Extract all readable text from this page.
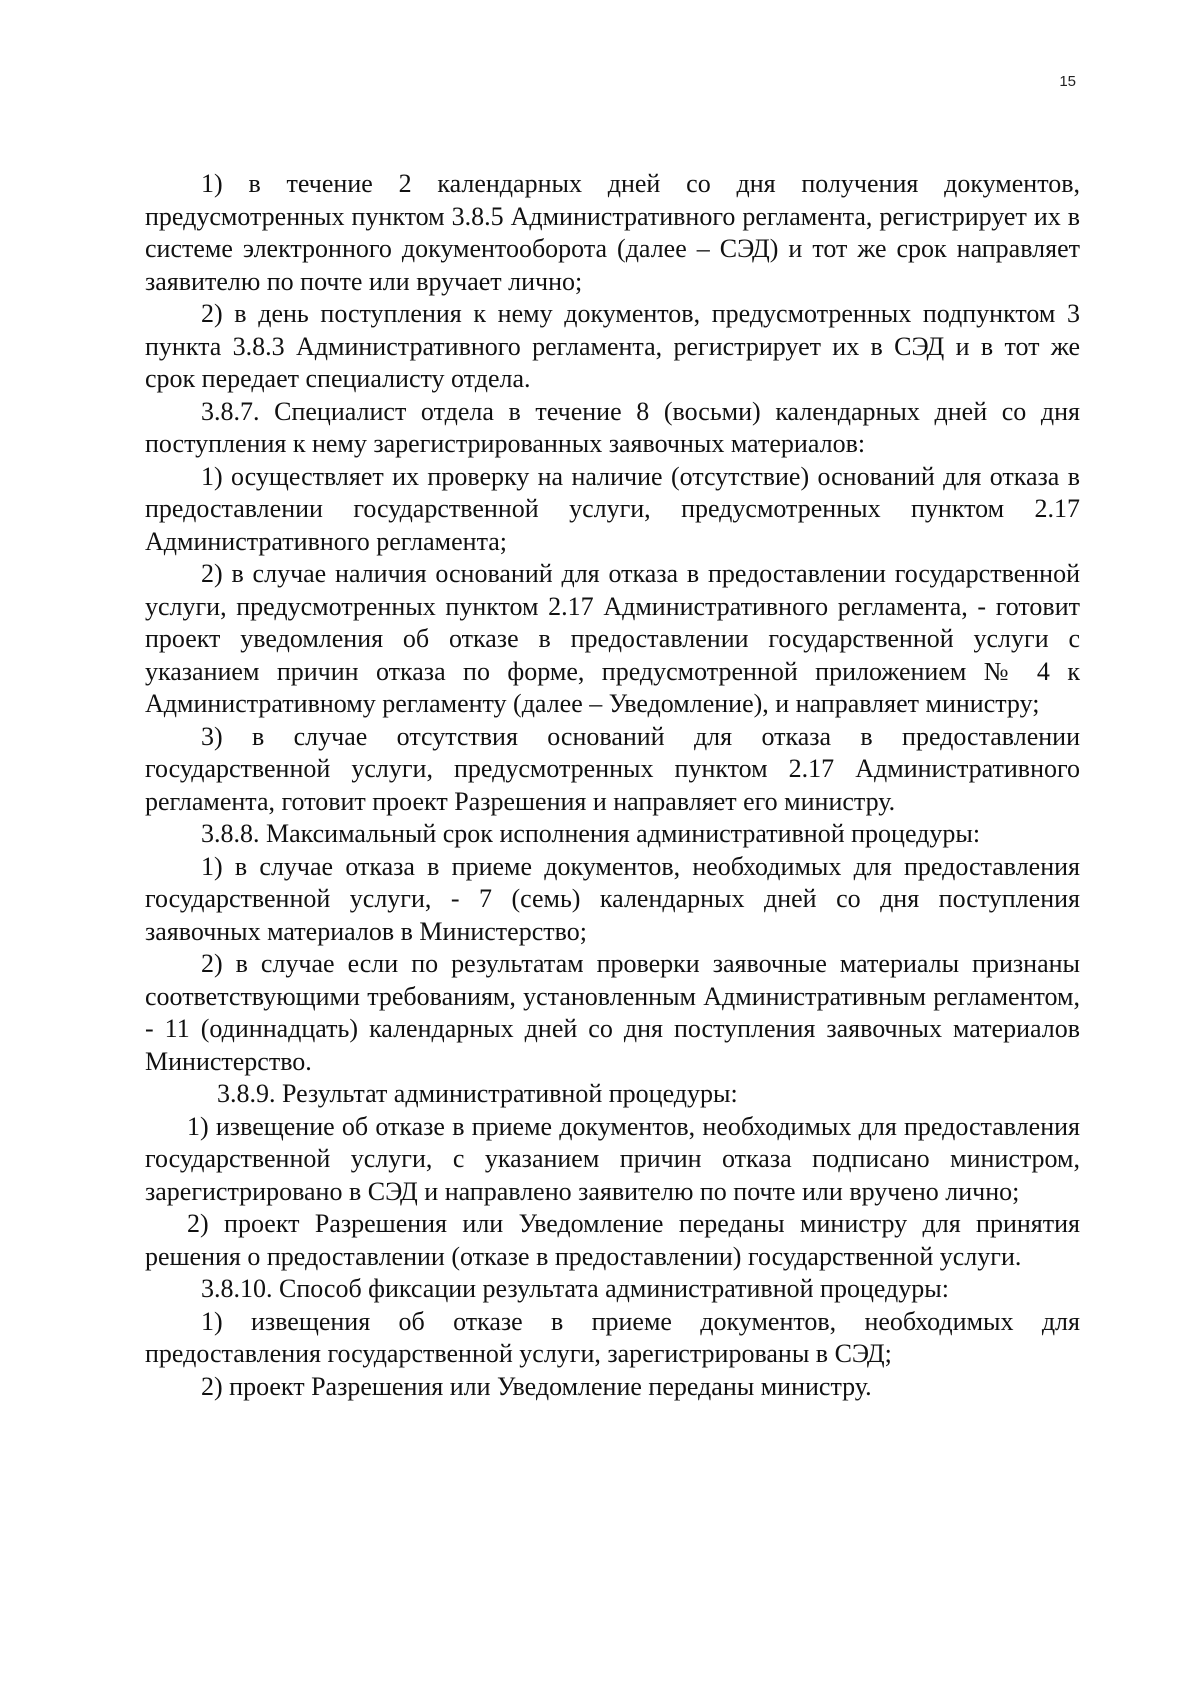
15

1) в течение 2 календарных дней со дня получения документов, предусмотренных пунктом 3.8.5 Административного регламента, регистрирует их в системе электронного документооборота (далее – СЭД) и тот же срок направляет заявителю по почте или вручает лично;

2) в день поступления к нему документов, предусмотренных подпунктом 3 пункта 3.8.3 Административного регламента, регистрирует их в СЭД и в тот же срок передает специалисту отдела.

3.8.7. Специалист отдела в течение 8 (восьми) календарных дней со дня поступления к нему зарегистрированных заявочных материалов:

1) осуществляет их проверку на наличие (отсутствие) оснований для отказа в предоставлении государственной услуги, предусмотренных пунктом 2.17 Административного регламента;

2) в случае наличия оснований для отказа в предоставлении государственной услуги, предусмотренных пунктом 2.17 Административного регламента, - готовит проект уведомления об отказе в предоставлении государственной услуги с указанием причин отказа по форме, предусмотренной приложением № 4 к Административному регламенту (далее – Уведомление), и направляет министру;

3) в случае отсутствия оснований для отказа в предоставлении государственной услуги, предусмотренных пунктом 2.17 Административного регламента, готовит проект Разрешения и направляет его министру.

3.8.8. Максимальный срок исполнения административной процедуры:

1) в случае отказа в приеме документов, необходимых для предоставления государственной услуги, - 7 (семь) календарных дней со дня поступления заявочных материалов в Министерство;

2) в случае если по результатам проверки заявочные материалы признаны соответствующими требованиям, установленным Административным регламентом, - 11 (одиннадцать) календарных дней со дня поступления заявочных материалов Министерство.

3.8.9. Результат административной процедуры:

1) извещение об отказе в приеме документов, необходимых для предоставления государственной услуги, с указанием причин отказа подписано министром, зарегистрировано в СЭД и направлено заявителю по почте или вручено лично;

2) проект Разрешения или Уведомление переданы министру для принятия решения о предоставлении (отказе в предоставлении) государственной услуги.

3.8.10. Способ фиксации результата административной процедуры:

1) извещения об отказе в приеме документов, необходимых для предоставления государственной услуги, зарегистрированы в СЭД;

2) проект Разрешения или Уведомление переданы министру.
